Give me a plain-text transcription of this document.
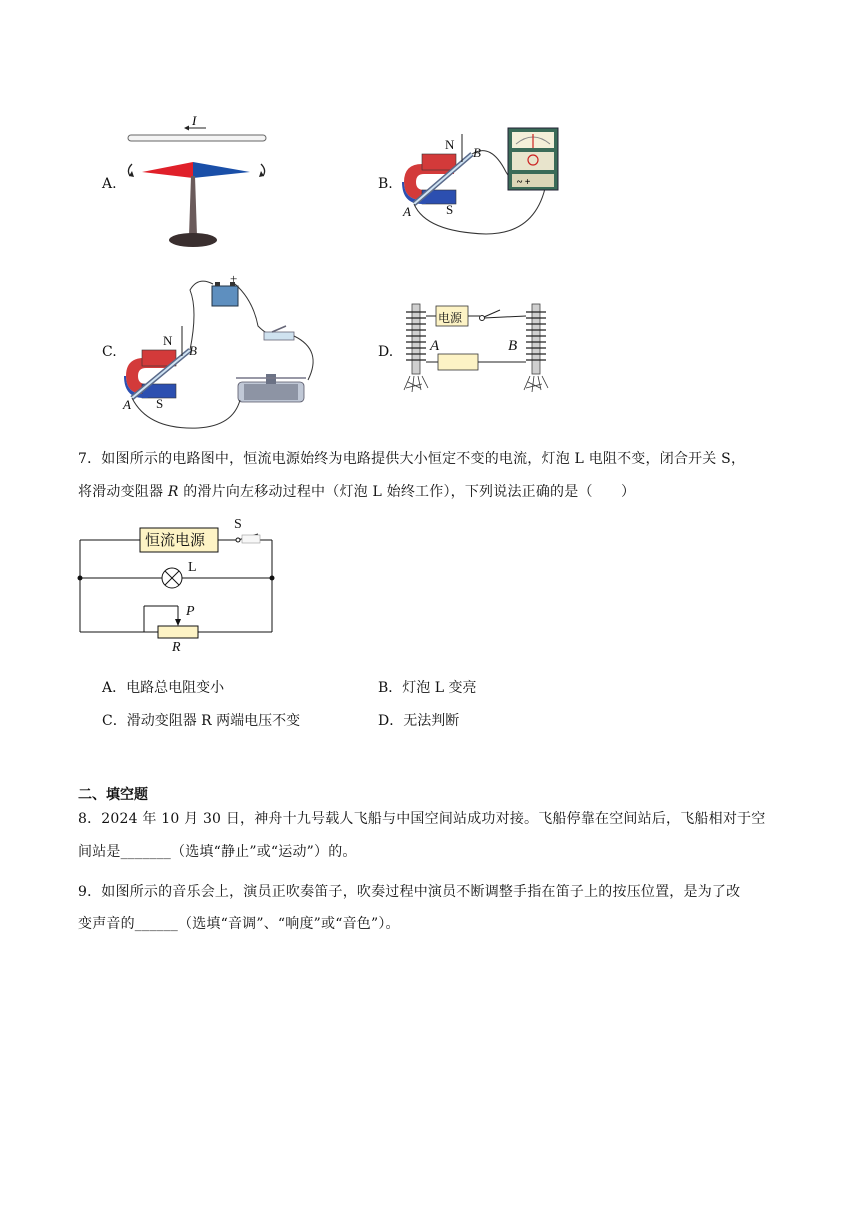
A.
I
B.	~ +
N
B
S
A
C.
+
N
B
S
A
D.
电源
A	B
7．如图所示的电路图中，恒流电源始终为电路提供大小恒定不变的电流，灯泡 L 电阻不变，闭合开关 S，
将滑动变阻器 R 的滑片向左移动过程中（灯泡 L 始终工作），下列说法正确的是（　　）
恒流电源
S
L
P
R
A．电路总电阻变小	B．灯泡 L 变亮
C．滑动变阻器 R 两端电压不变	D．无法判断
二、填空题
8．2024 年 10 月 30 日，神舟十九号载人飞船与中国空间站成功对接。飞船停靠在空间站后，飞船相对于空
间站是_______（选填“静止”或“运动”）的。
9．如图所示的音乐会上，演员正吹奏笛子，吹奏过程中演员不断调整手指在笛子上的按压位置，是为了改
变声音的______（选填“音调”、“响度”或“音色”）。
